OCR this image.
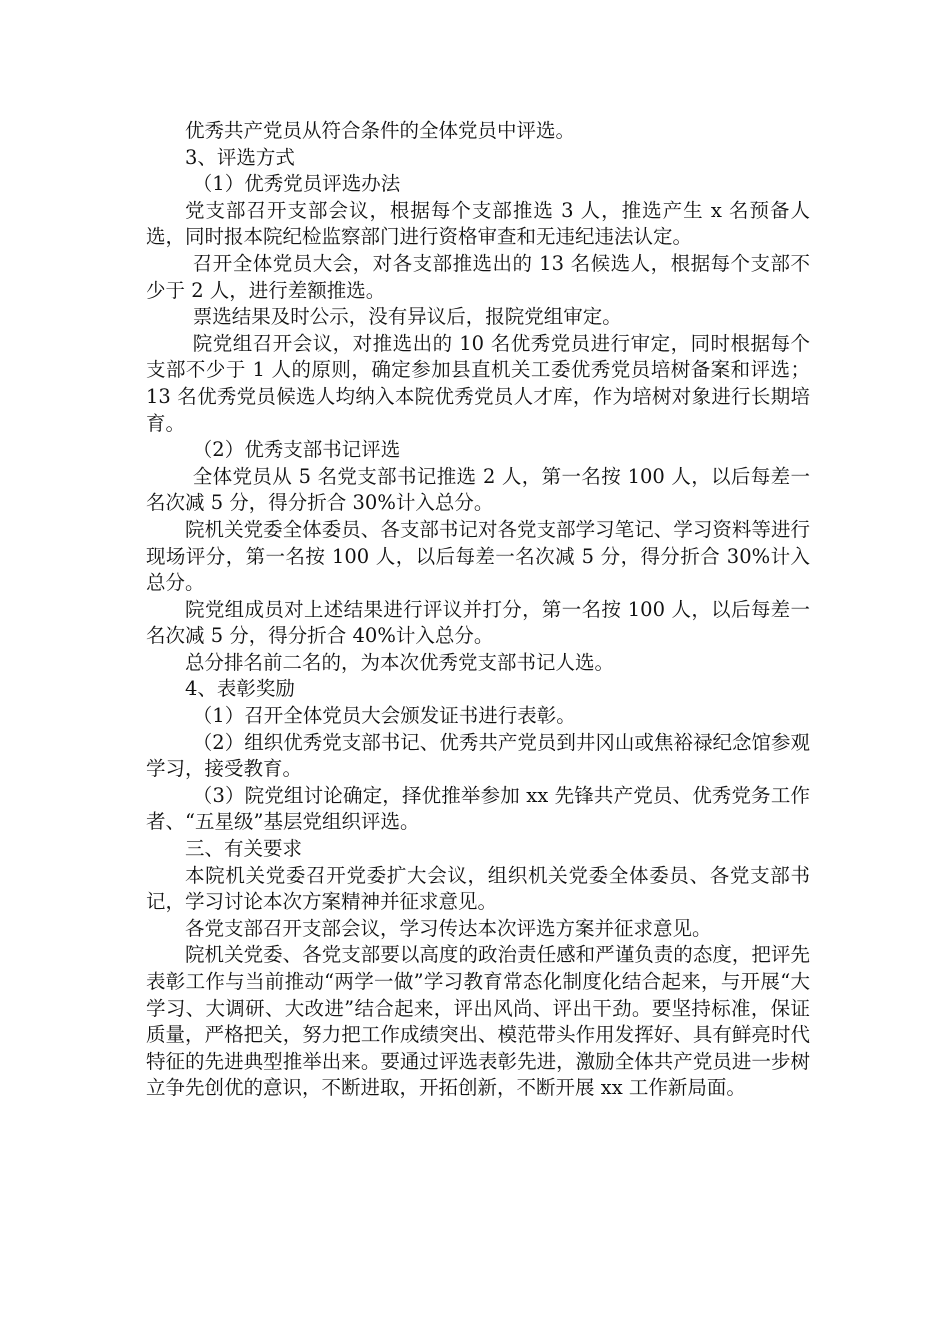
优秀共产党员从符合条件的全体党员中评选。

3、评选方式

（1）优秀党员评选办法

党支部召开支部会议，根据每个支部推选 3 人，推选产生 x 名预备人选，同时报本院纪检监察部门进行资格审查和无违纪违法认定。

召开全体党员大会，对各支部推选出的 13 名候选人，根据每个支部不少于 2 人，进行差额推选。

票选结果及时公示，没有异议后，报院党组审定。

院党组召开会议，对推选出的 10 名优秀党员进行审定，同时根据每个支部不少于 1 人的原则，确定参加县直机关工委优秀党员培树备案和评选；13 名优秀党员候选人均纳入本院优秀党员人才库，作为培树对象进行长期培育。

（2）优秀支部书记评选

全体党员从 5 名党支部书记推选 2 人，第一名按 100 人，以后每差一名次减 5 分，得分折合 30%计入总分。

院机关党委全体委员、各支部书记对各党支部学习笔记、学习资料等进行现场评分，第一名按 100 人，以后每差一名次减 5 分，得分折合 30%计入总分。

院党组成员对上述结果进行评议并打分，第一名按 100 人，以后每差一名次减 5 分，得分折合 40%计入总分。

总分排名前二名的，为本次优秀党支部书记人选。

4、表彰奖励

（1）召开全体党员大会颁发证书进行表彰。

（2）组织优秀党支部书记、优秀共产党员到井冈山或焦裕禄纪念馆参观学习，接受教育。

（3）院党组讨论确定，择优推举参加 xx 先锋共产党员、优秀党务工作者、“五星级”基层党组织评选。

三、有关要求

本院机关党委召开党委扩大会议，组织机关党委全体委员、各党支部书记，学习讨论本次方案精神并征求意见。

各党支部召开支部会议，学习传达本次评选方案并征求意见。

院机关党委、各党支部要以高度的政治责任感和严谨负责的态度，把评先表彰工作与当前推动“两学一做”学习教育常态化制度化结合起来，与开展“大学习、大调研、大改进”结合起来，评出风尚、评出干劲。要坚持标准，保证质量，严格把关，努力把工作成绩突出、模范带头作用发挥好、具有鲜亮时代特征的先进典型推举出来。要通过评选表彰先进，激励全体共产党员进一步树立争先创优的意识，不断进取，开拓创新，不断开展 xx 工作新局面。
